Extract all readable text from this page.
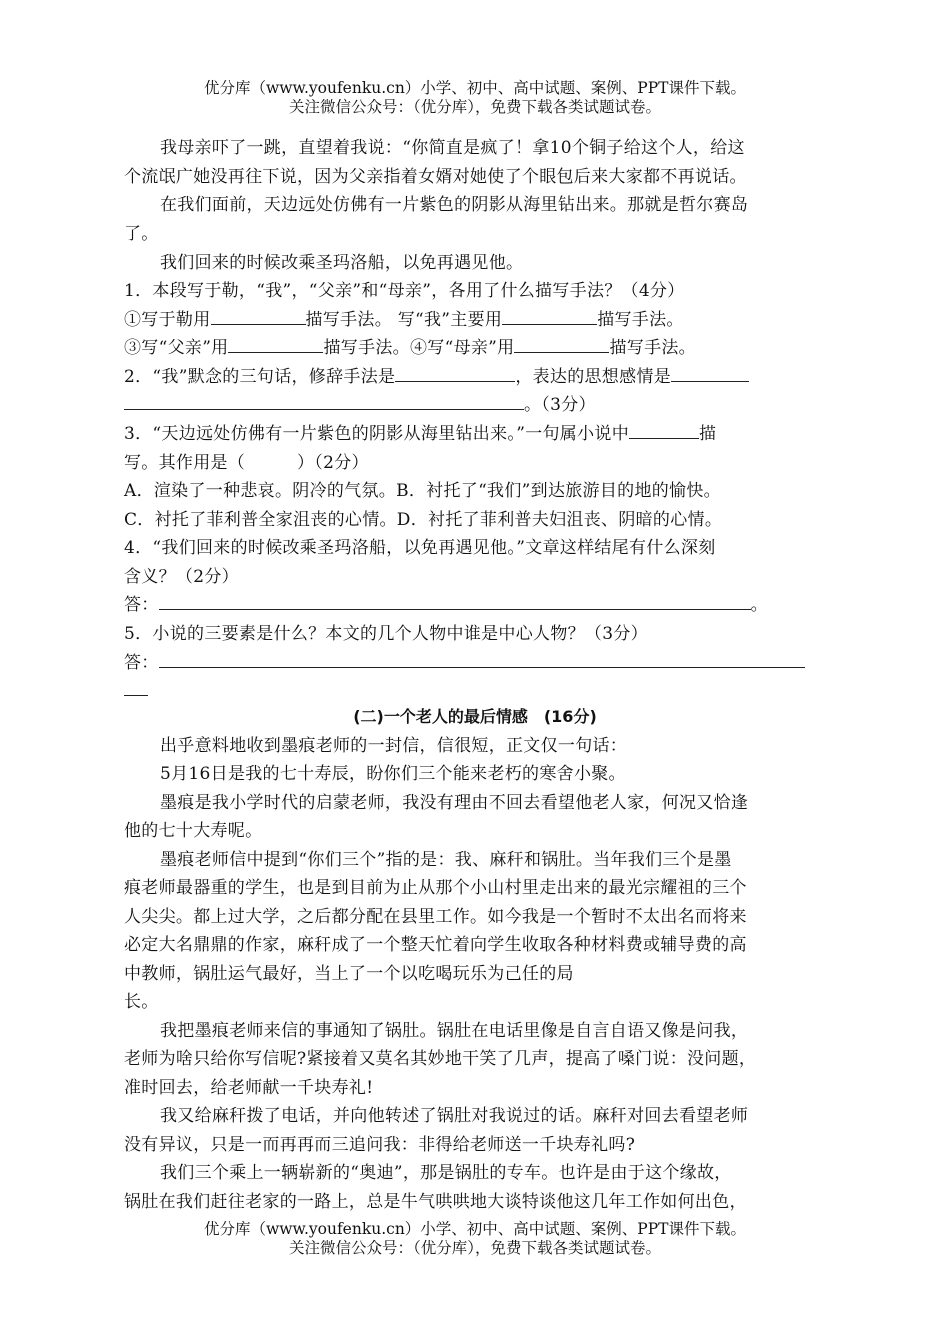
优分库（www.youfenku.cn）小学、初中、高中试题、案例、PPT课件下载。
关注微信公众号：（优分库），免费下载各类试题试卷。
我母亲吓了一跳，直望着我说：“你简直是疯了！拿10个铜子给这个人，给这
个流氓广她没再往下说，因为父亲指着女婿对她使了个眼包后来大家都不再说话。
在我们面前，天边远处仿佛有一片紫色的阴影从海里钻出来。那就是哲尔赛岛
了。
我们回来的时候改乘圣玛洛船，以免再遇见他。
1．本段写于勒，“我”，“父亲”和“母亲”，各用了什么描写手法？（4分）
①写于勒用	描写手法。 写“我”主要用	描写手法。
③写“父亲”用	描写手法。④写“母亲”用	描写手法。
2．“我”默念的三句话，修辞手法是	，表达的思想感情是
。（3分）
3．“天边远处仿佛有一片紫色的阴影从海里钻出来。”一句属小说中	描
写。其作用是（　　　）（2分）
A．渲染了一种悲哀。阴冷的气氛。B．衬托了“我们”到达旅游目的地的愉快。
C．衬托了菲利普全家沮丧的心情。D．衬托了菲利普夫妇沮丧、阴暗的心情。
4．“我们回来的时候改乘圣玛洛船，以免再遇见他。”文章这样结尾有什么深刻
含义？（2分）
答：	。
5．小说的三要素是什么？本文的几个人物中谁是中心人物？（3分）
答：
(二)一个老人的最后情感　(16分)
出乎意料地收到墨痕老师的一封信，信很短，正文仅一句话：
5月16日是我的七十寿辰，盼你们三个能来老朽的寒舍小聚。
墨痕是我小学时代的启蒙老师，我没有理由不回去看望他老人家，何况又恰逢
他的七十大寿呢。
墨痕老师信中提到“你们三个”指的是：我、麻秆和锅肚。当年我们三个是墨
痕老师最器重的学生，也是到目前为止从那个小山村里走出来的最光宗耀祖的三个
人尖尖。都上过大学，之后都分配在县里工作。如今我是一个暂时不太出名而将来
必定大名鼎鼎的作家，麻秆成了一个整天忙着向学生收取各种材料费或辅导费的高
中教师，锅肚运气最好，当上了一个以吃喝玩乐为己任的局
长。
我把墨痕老师来信的事通知了锅肚。锅肚在电话里像是自言自语又像是问我，
老师为啥只给你写信呢?紧接着又莫名其妙地干笑了几声，提高了嗓门说：没问题，
准时回去，给老师献一千块寿礼!
我又给麻秆拨了电话，并向他转述了锅肚对我说过的话。麻秆对回去看望老师
没有异议，只是一而再再而三追问我：非得给老师送一千块寿礼吗?
我们三个乘上一辆崭新的“奥迪”，那是锅肚的专车。也许是由于这个缘故，
锅肚在我们赶往老家的一路上，总是牛气哄哄地大谈特谈他这几年工作如何出色，
优分库（www.youfenku.cn）小学、初中、高中试题、案例、PPT课件下载。
关注微信公众号：（优分库），免费下载各类试题试卷。
